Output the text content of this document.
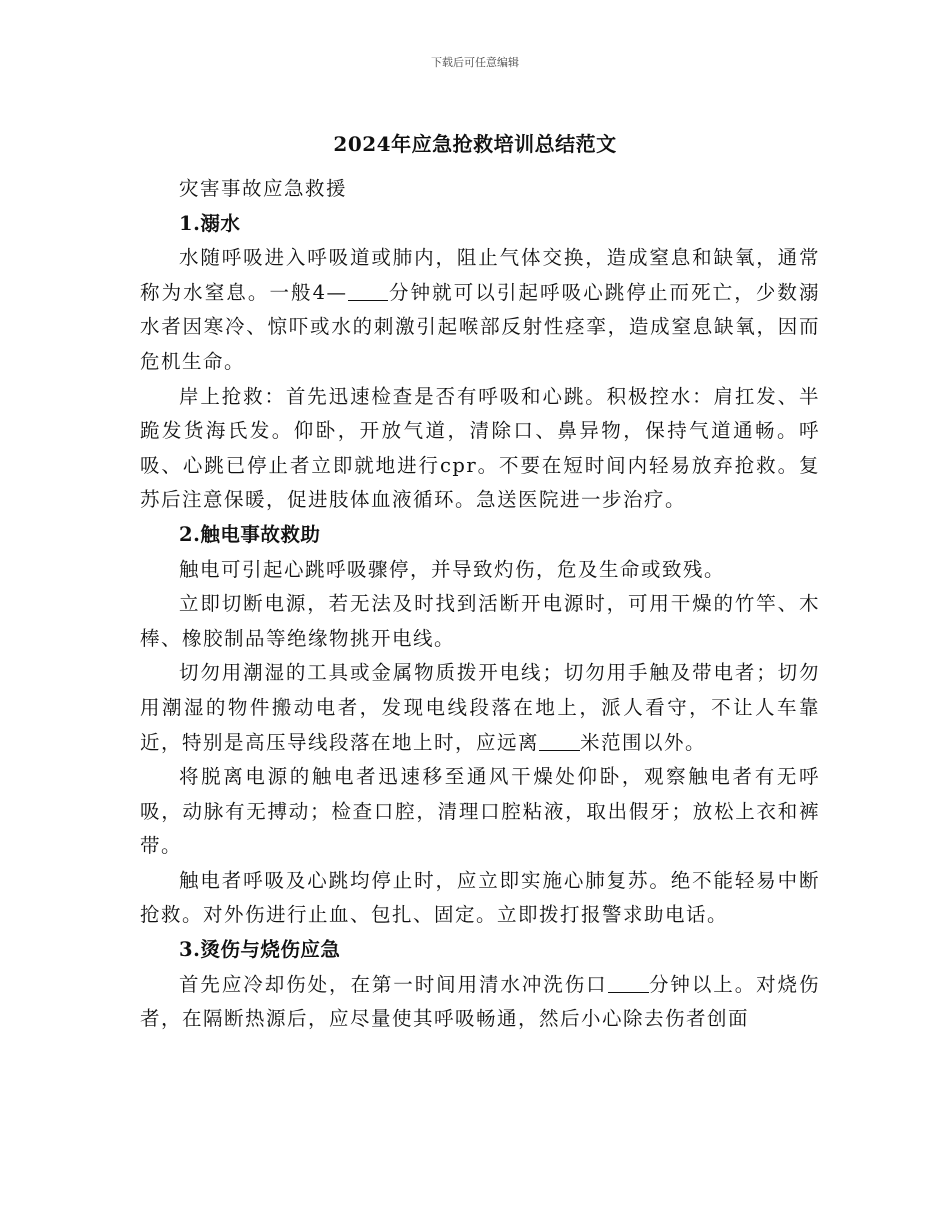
下载后可任意编辑
2024年应急抢救培训总结范文

灾害事故应急救援

1.溺水

水随呼吸进入呼吸道或肺内，阻止气体交换，造成窒息和缺氧，通常称为水窒息。一般4— 分钟就可以引起呼吸心跳停止而死亡，少数溺水者因寒冷、惊吓或水的刺激引起喉部反射性痉挛，造成窒息缺氧，因而危机生命。

岸上抢救：首先迅速检查是否有呼吸和心跳。积极控水：肩扛发、半跪发货海氏发。仰卧，开放气道，清除口、鼻异物，保持气道通畅。呼吸、心跳已停止者立即就地进行cpr。不要在短时间内轻易放弃抢救。复苏后注意保暖，促进肢体血液循环。急送医院进一步治疗。

2.触电事故救助

触电可引起心跳呼吸骤停，并导致灼伤，危及生命或致残。

立即切断电源，若无法及时找到活断开电源时，可用干燥的竹竿、木棒、橡胶制品等绝缘物挑开电线。

切勿用潮湿的工具或金属物质拨开电线；切勿用手触及带电者；切勿用潮湿的物件搬动电者，发现电线段落在地上，派人看守，不让人车靠近，特别是高压导线段落在地上时，应远离 米范围以外。

将脱离电源的触电者迅速移至通风干燥处仰卧，观察触电者有无呼吸，动脉有无搏动；检查口腔，清理口腔粘液，取出假牙；放松上衣和裤带。

触电者呼吸及心跳均停止时，应立即实施心肺复苏。绝不能轻易中断抢救。对外伤进行止血、包扎、固定。立即拨打报警求助电话。

3.烫伤与烧伤应急

首先应冷却伤处，在第一时间用清水冲洗伤口 分钟以上。对烧伤者，在隔断热源后，应尽量使其呼吸畅通，然后小心除去伤者创面
